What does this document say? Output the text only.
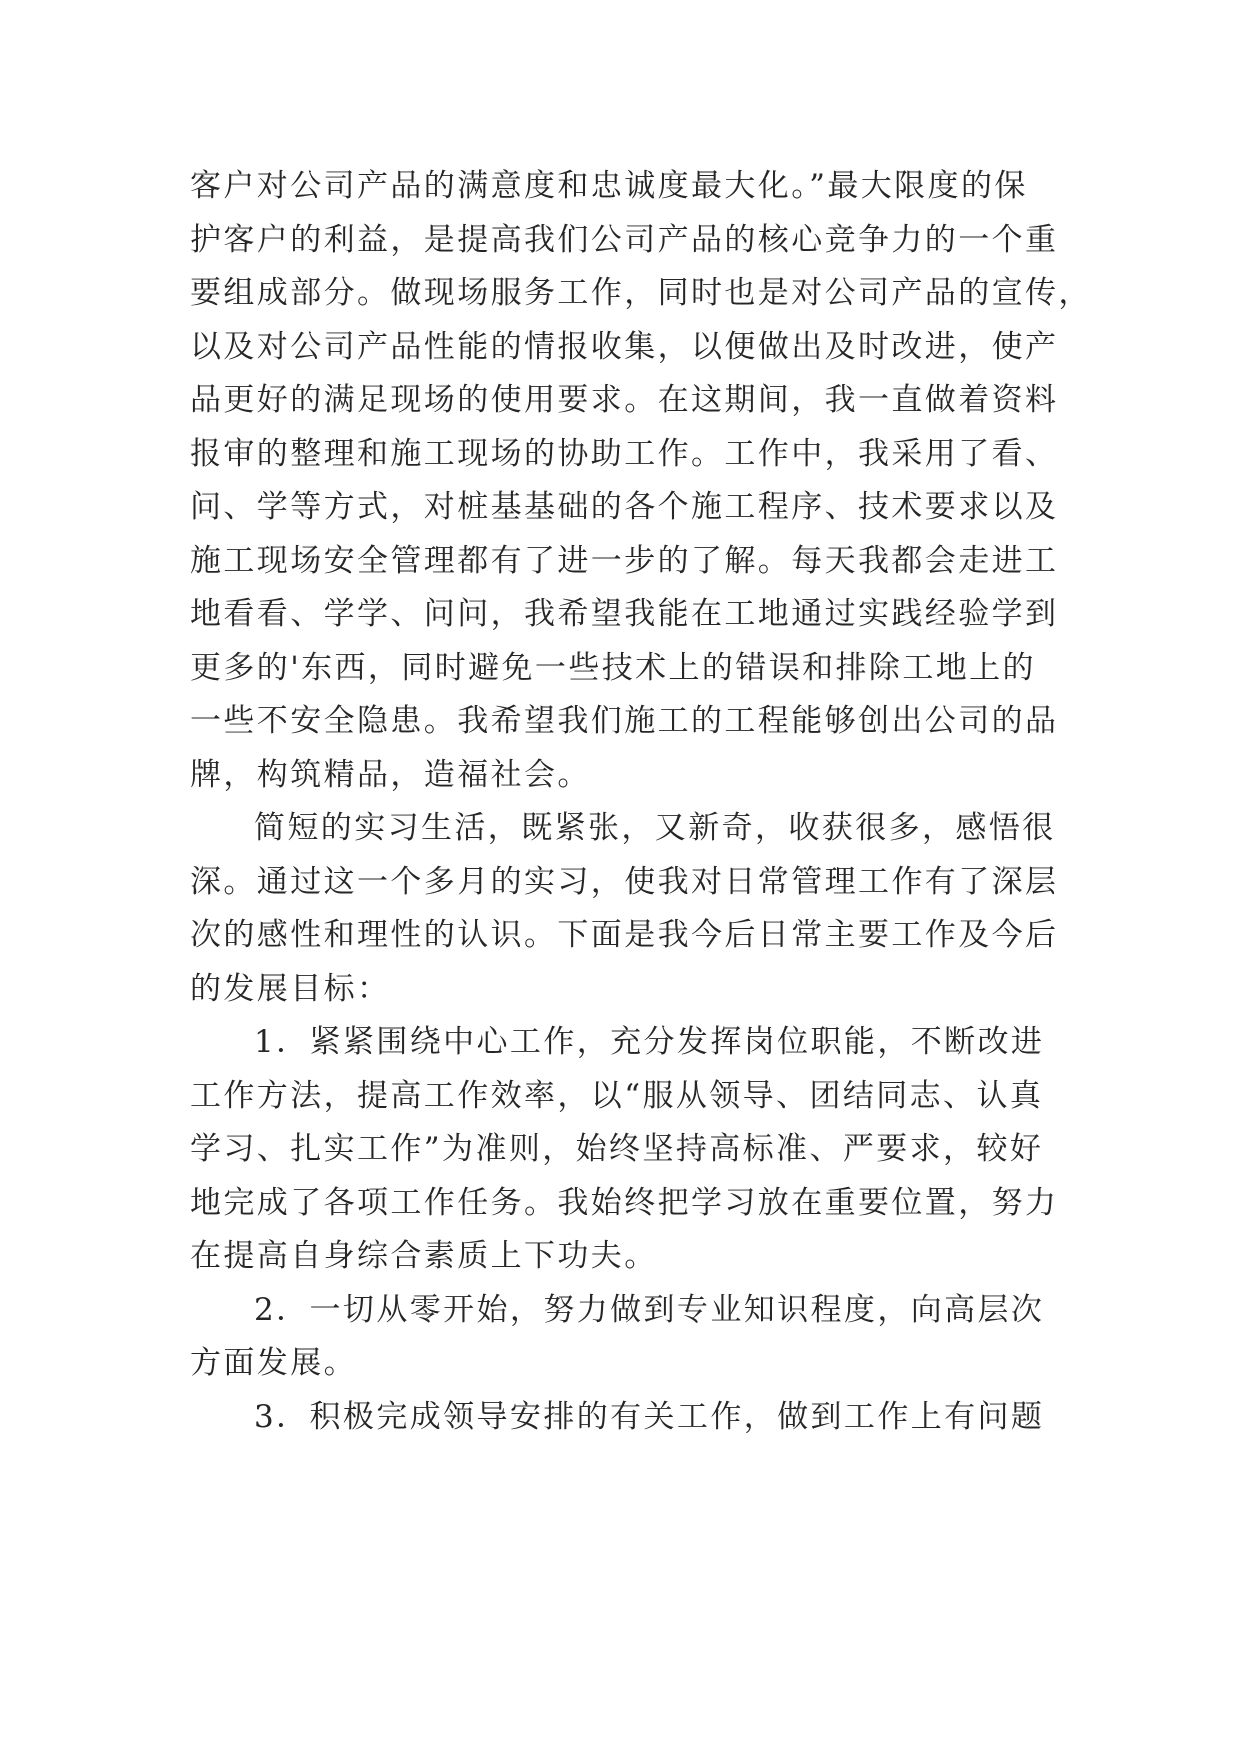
客户对公司产品的满意度和忠诚度最大化。”最大限度的保
护客户的利益，是提高我们公司产品的核心竞争力的一个重
要组成部分。做现场服务工作，同时也是对公司产品的宣传，
以及对公司产品性能的情报收集，以便做出及时改进，使产
品更好的满足现场的使用要求。在这期间，我一直做着资料
报审的整理和施工现场的协助工作。工作中，我采用了看、
问、学等方式，对桩基基础的各个施工程序、技术要求以及
施工现场安全管理都有了进一步的了解。每天我都会走进工
地看看、学学、问问，我希望我能在工地通过实践经验学到
更多的'东西，同时避免一些技术上的错误和排除工地上的
一些不安全隐患。我希望我们施工的工程能够创出公司的品
牌，构筑精品，造福社会。
简短的实习生活，既紧张，又新奇，收获很多，感悟很
深。通过这一个多月的实习，使我对日常管理工作有了深层
次的感性和理性的认识。下面是我今后日常主要工作及今后
的发展目标：
1．紧紧围绕中心工作，充分发挥岗位职能，不断改进
工作方法，提高工作效率，以“服从领导、团结同志、认真
学习、扎实工作”为准则，始终坚持高标准、严要求，较好
地完成了各项工作任务。我始终把学习放在重要位置，努力
在提高自身综合素质上下功夫。
2．一切从零开始，努力做到专业知识程度，向高层次
方面发展。
3．积极完成领导安排的有关工作，做到工作上有问题
